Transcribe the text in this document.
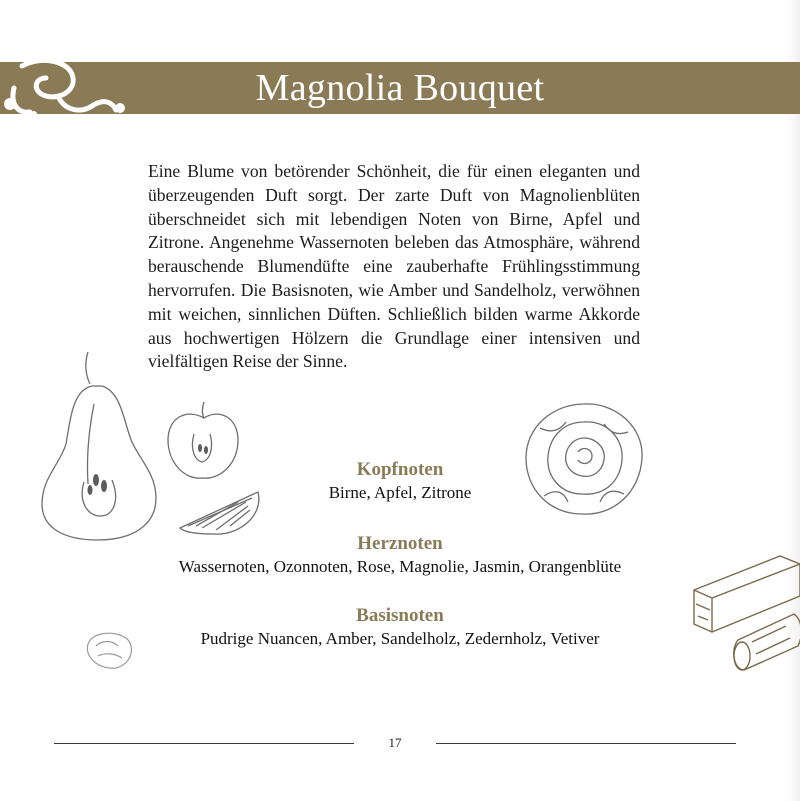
Magnolia Bouquet

Eine Blume von betörender Schönheit, die für einen eleganten und überzeugenden Duft sorgt. Der zarte Duft von Magnolienblüten überschneidet sich mit lebendigen Noten von Birne, Apfel und Zitrone. Angenehme Wassernoten beleben das Atmosphäre, während berauschende Blumendüfte eine zauberhafte Frühlingsstimmung hervorrufen. Die Basisnoten, wie Amber und Sandelholz, verwöhnen mit weichen, sinnlichen Düften. Schließlich bilden warme Akkorde aus hochwertigen Hölzern die Grundlage einer intensiven und vielfältigen Reise der Sinne.

Kopfnoten
Birne, Apfel, Zitrone
Herznoten
Wassernoten, Ozonnoten, Rose, Magnolie, Jasmin, Orangenblüte
Basisnoten
Pudrige Nuancen, Amber, Sandelholz, Zedernholz, Vetiver
17
